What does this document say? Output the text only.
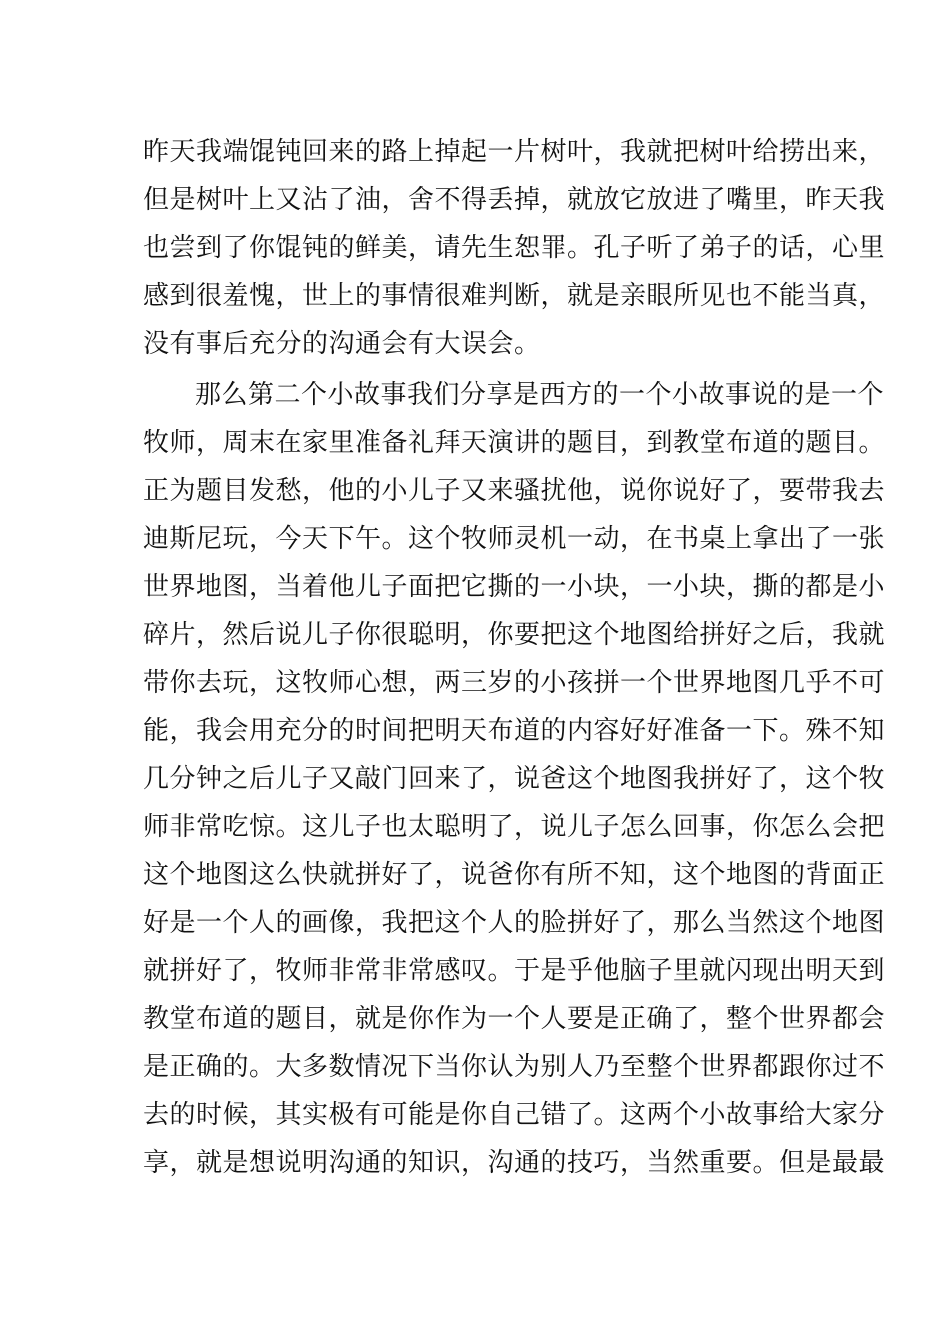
昨天我端馄钝回来的路上掉起一片树叶，我就把树叶给捞出来，
但是树叶上又沾了油，舍不得丢掉，就放它放进了嘴里，昨天我
也尝到了你馄钝的鲜美，请先生恕罪。孔子听了弟子的话，心里
感到很羞愧，世上的事情很难判断，就是亲眼所见也不能当真，
没有事后充分的沟通会有大误会。
那么第二个小故事我们分享是西方的一个小故事说的是一个
牧师，周末在家里准备礼拜天演讲的题目，到教堂布道的题目。
正为题目发愁，他的小儿子又来骚扰他，说你说好了，要带我去
迪斯尼玩，今天下午。这个牧师灵机一动，在书桌上拿出了一张
世界地图，当着他儿子面把它撕的一小块，一小块，撕的都是小
碎片，然后说儿子你很聪明，你要把这个地图给拼好之后，我就
带你去玩，这牧师心想，两三岁的小孩拼一个世界地图几乎不可
能，我会用充分的时间把明天布道的内容好好准备一下。殊不知
几分钟之后儿子又敲门回来了，说爸这个地图我拼好了，这个牧
师非常吃惊。这儿子也太聪明了，说儿子怎么回事，你怎么会把
这个地图这么快就拼好了，说爸你有所不知，这个地图的背面正
好是一个人的画像，我把这个人的脸拼好了，那么当然这个地图
就拼好了，牧师非常非常感叹。于是乎他脑子里就闪现出明天到
教堂布道的题目，就是你作为一个人要是正确了，整个世界都会
是正确的。大多数情况下当你认为别人乃至整个世界都跟你过不
去的时候，其实极有可能是你自己错了。这两个小故事给大家分
享，就是想说明沟通的知识，沟通的技巧，当然重要。但是最最
